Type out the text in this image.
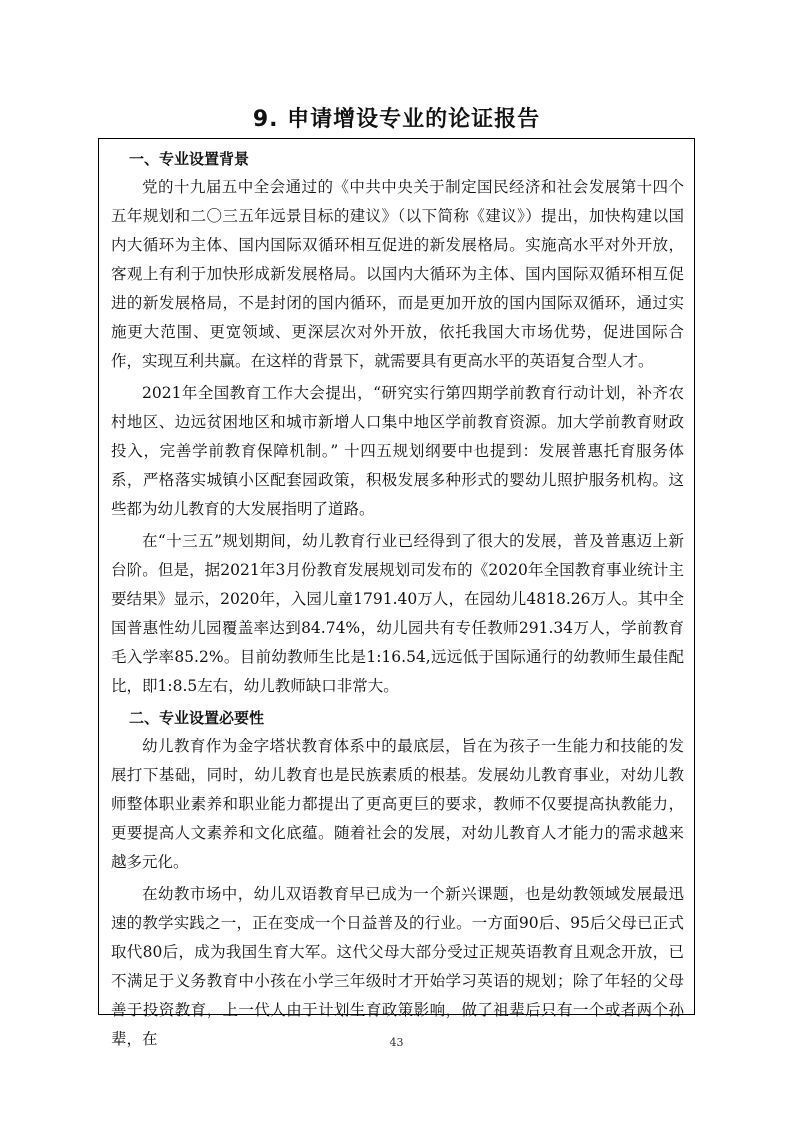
9. 申请增设专业的论证报告
一、专业设置背景

党的十九届五中全会通过的《中共中央关于制定国民经济和社会发展第十四个五年规划和二〇三五年远景目标的建议》（以下简称《建议》）提出，加快构建以国内大循环为主体、国内国际双循环相互促进的新发展格局。实施高水平对外开放，客观上有利于加快形成新发展格局。以国内大循环为主体、国内国际双循环相互促进的新发展格局，不是封闭的国内循环，而是更加开放的国内国际双循环，通过实施更大范围、更宽领域、更深层次对外开放，依托我国大市场优势，促进国际合作，实现互利共赢。在这样的背景下，就需要具有更高水平的英语复合型人才。

2021年全国教育工作大会提出，“研究实行第四期学前教育行动计划，补齐农村地区、边远贫困地区和城市新增人口集中地区学前教育资源。加大学前教育财政投入，完善学前教育保障机制。” 十四五规划纲要中也提到：发展普惠托育服务体系，严格落实城镇小区配套园政策，积极发展多种形式的婴幼儿照护服务机构。这些都为幼儿教育的大发展指明了道路。

在“十三五”规划期间，幼儿教育行业已经得到了很大的发展，普及普惠迈上新台阶。但是，据2021年3月份教育发展规划司发布的《2020年全国教育事业统计主要结果》显示，2020年，入园儿童1791.40万人，在园幼儿4818.26万人。其中全国普惠性幼儿园覆盖率达到84.74%，幼儿园共有专任教师291.34万人，学前教育毛入学率85.2%。目前幼教师生比是1:16.54,远远低于国际通行的幼教师生最佳配比，即1:8.5左右，幼儿教师缺口非常大。

二、专业设置必要性

幼儿教育作为金字塔状教育体系中的最底层，旨在为孩子一生能力和技能的发展打下基础，同时，幼儿教育也是民族素质的根基。发展幼儿教育事业，对幼儿教师整体职业素养和职业能力都提出了更高更巨的要求，教师不仅要提高执教能力，更要提高人文素养和文化底蕴。随着社会的发展，对幼儿教育人才能力的需求越来越多元化。

在幼教市场中，幼儿双语教育早已成为一个新兴课题，也是幼教领域发展最迅速的教学实践之一，正在变成一个日益普及的行业。一方面90后、95后父母已正式取代80后，成为我国生育大军。这代父母大部分受过正规英语教育且观念开放，已不满足于义务教育中小孩在小学三年级时才开始学习英语的规划；除了年轻的父母善于投资教育，上一代人由于计划生育政策影响，做了祖辈后只有一个或者两个孙辈，在	43
